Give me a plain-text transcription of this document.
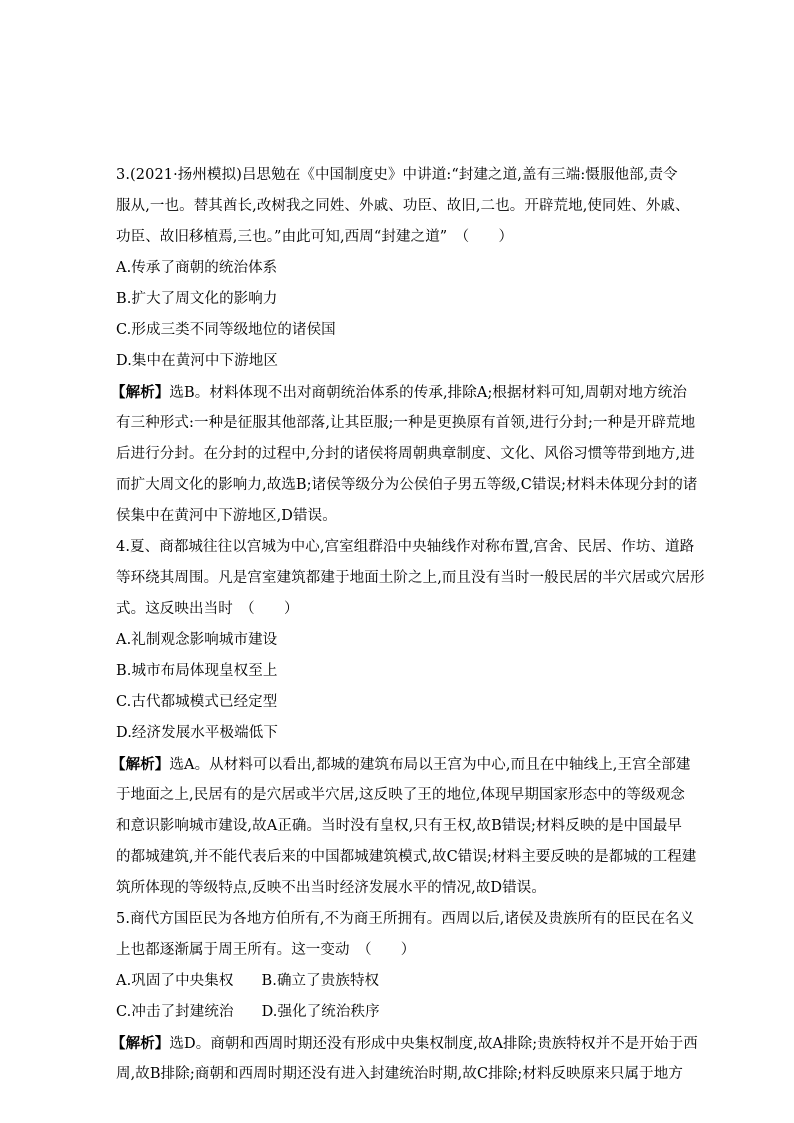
3.(2021·扬州模拟)吕思勉在《中国制度史》中讲道:“封建之道,盖有三端:慑服他部,责令
服从,一也。替其酋长,改树我之同姓、外戚、功臣、故旧,二也。开辟荒地,使同姓、外戚、
功臣、故旧移植焉,三也。”由此可知,西周“封建之道”　（　　）
A.传承了商朝的统治体系
B.扩大了周文化的影响力
C.形成三类不同等级地位的诸侯国
D.集中在黄河中下游地区
【解析】选B。材料体现不出对商朝统治体系的传承,排除A;根据材料可知,周朝对地方统治
有三种形式:一种是征服其他部落,让其臣服;一种是更换原有首领,进行分封;一种是开辟荒地
后进行分封。在分封的过程中,分封的诸侯将周朝典章制度、文化、风俗习惯等带到地方,进
而扩大周文化的影响力,故选B;诸侯等级分为公侯伯子男五等级,C错误;材料未体现分封的诸
侯集中在黄河中下游地区,D错误。
4.夏、商都城往往以宫城为中心,宫室组群沿中央轴线作对称布置,宫舍、民居、作坊、道路
等环绕其周围。凡是宫室建筑都建于地面土阶之上,而且没有当时一般民居的半穴居或穴居形
式。这反映出当时　（　　）
A.礼制观念影响城市建设
B.城市布局体现皇权至上
C.古代都城模式已经定型
D.经济发展水平极端低下
【解析】选A。从材料可以看出,都城的建筑布局以王宫为中心,而且在中轴线上,王宫全部建
于地面之上,民居有的是穴居或半穴居,这反映了王的地位,体现早期国家形态中的等级观念
和意识影响城市建设,故A正确。当时没有皇权,只有王权,故B错误;材料反映的是中国最早
的都城建筑,并不能代表后来的中国都城建筑模式,故C错误;材料主要反映的是都城的工程建
筑所体现的等级特点,反映不出当时经济发展水平的情况,故D错误。
5.商代方国臣民为各地方伯所有,不为商王所拥有。西周以后,诸侯及贵族所有的臣民在名义
上也都逐渐属于周王所有。这一变动　（　　）
A.巩固了中央集权 B.确立了贵族特权
C.冲击了封建统治 D.强化了统治秩序
【解析】选D。商朝和西周时期还没有形成中央集权制度,故A排除;贵族特权并不是开始于西
周,故B排除;商朝和西周时期还没有进入封建统治时期,故C排除;材料反映原来只属于地方
